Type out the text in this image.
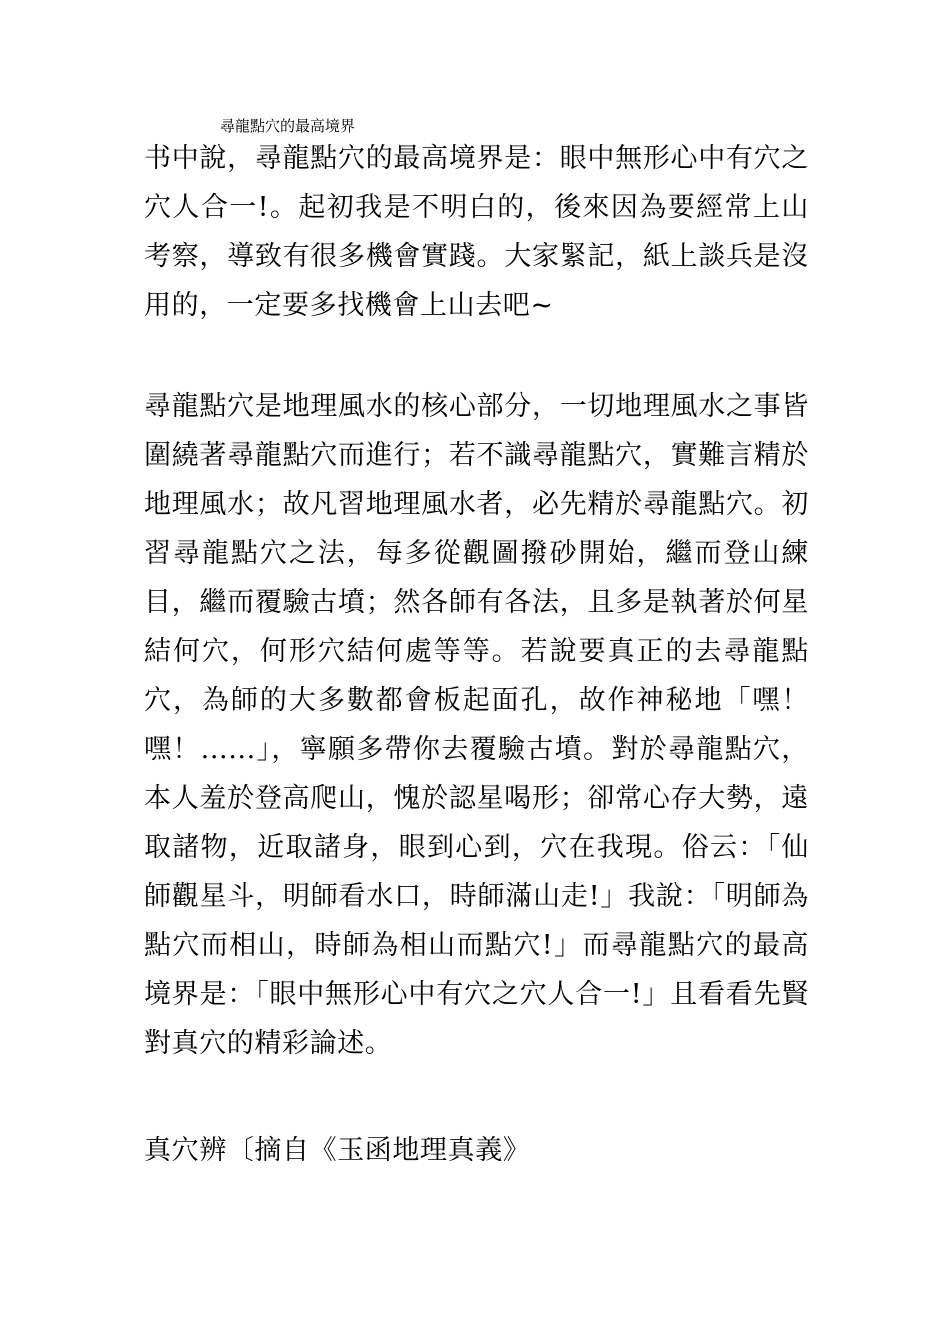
尋龍點穴的最高境界

书中說，尋龍點穴的最高境界是：眼中無形心中有穴之穴人合一!。起初我是不明白的，後來因為要經常上山考察，導致有很多機會實踐。大家緊記，紙上談兵是沒用的，一定要多找機會上山去吧~

尋龍點穴是地理風水的核心部分，一切地理風水之事皆圍繞著尋龍點穴而進行；若不識尋龍點穴，實難言精於地理風水；故凡習地理風水者，必先精於尋龍點穴。初習尋龍點穴之法，每多從觀圖撥砂開始，繼而登山練目，繼而覆驗古墳；然各師有各法，且多是執著於何星結何穴，何形穴結何處等等。若說要真正的去尋龍點穴，為師的大多數都會板起面孔，故作神秘地「嘿！嘿！......」，寧願多帶你去覆驗古墳。對於尋龍點穴，本人羞於登高爬山，愧於認星喝形；卻常心存大勢，遠取諸物，近取諸身，眼到心到，穴在我現。俗云：「仙師觀星斗，明師看水口，時師滿山走!」我說：「明師為點穴而相山，時師為相山而點穴!」而尋龍點穴的最高境界是：「眼中無形心中有穴之穴人合一!」且看看先賢對真穴的精彩論述。

真穴辨〔摘自《玉函地理真義》
